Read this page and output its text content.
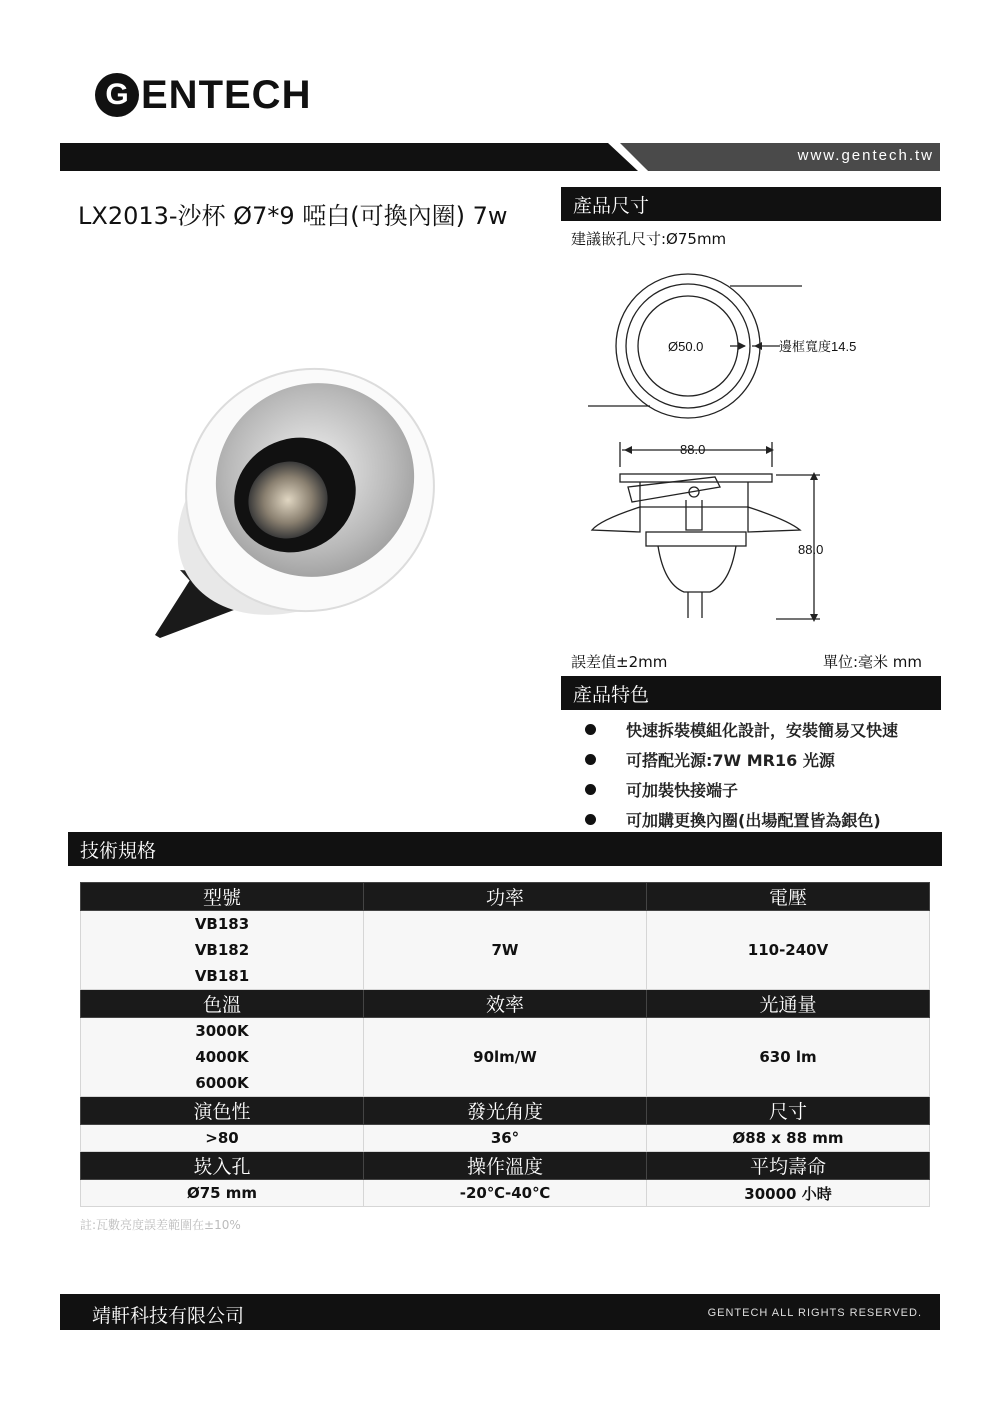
G ENTECH
www.gentech.tw
LX2013-沙杯 Ø7*9 啞白(可換內圈) 7w	產品尺寸
建議嵌孔尺寸:Ø75mm
Ø50.0	邊框寬度14.5
88.0
88.0
誤差值±2mm	單位:毫米 mm
產品特色
快速拆裝模組化設計，安裝簡易又快速
可搭配光源:7W MR16 光源
可加裝快接端子
可加購更換內圈(出場配置皆為銀色)
技術規格
型號	功率	電壓

VB183
VB182
VB181	7W	110-240V
色溫	效率	光通量

3000K
4000K
6000K	90lm/W	630 lm
演色性	發光角度	尺寸
>80	36°	Ø88 x 88 mm
崁入孔	操作溫度	平均壽命
Ø75 mm	-20℃-40℃	30000 小時
註:瓦數亮度誤差範圍在±10%
靖軒科技有限公司	GENTECH ALL RIGHTS RESERVED.
